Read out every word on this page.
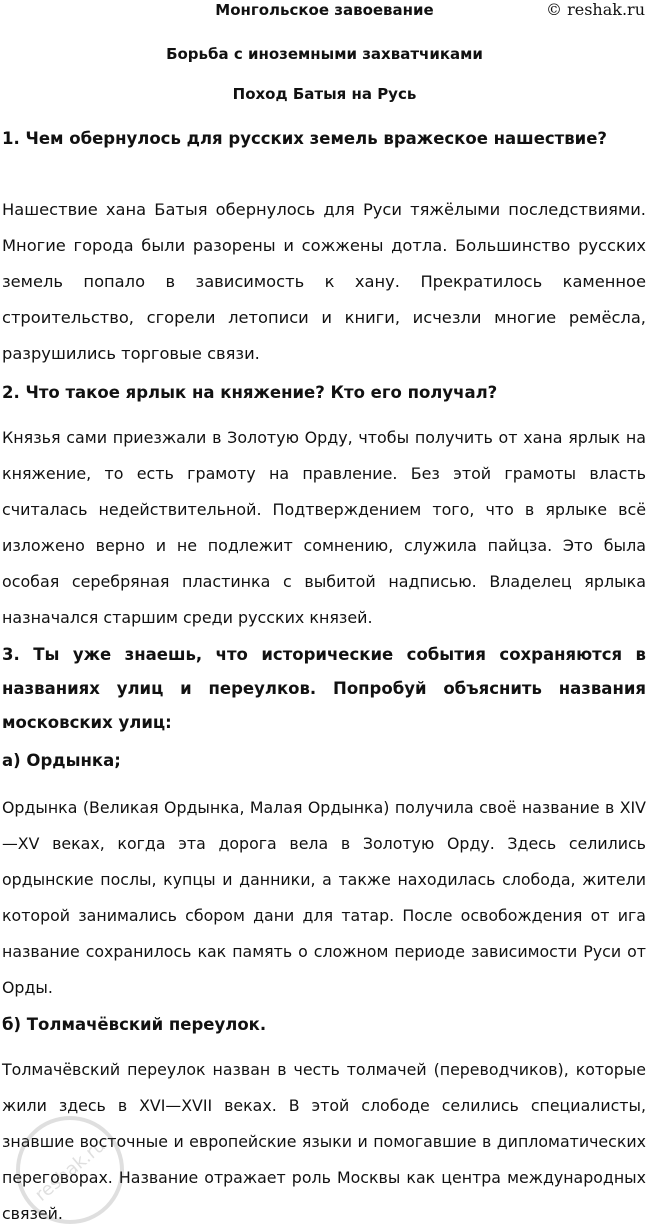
© reshak.ru
Монгольское завоевание
Борьба с иноземными захватчиками
Поход Батыя на Русь
1. Чем обернулось для русских земель вражеское нашествие?
Нашествие хана Батыя обернулось для Руси тяжёлыми последствиями. Многие города были разорены и сожжены дотла. Большинство русских земель попало в зависимость к хану. Прекратилось каменное строительство, сгорели летописи и книги, исчезли многие ремёсла, разрушились торговые связи.
2. Что такое ярлык на княжение? Кто его получал?
Князья сами приезжали в Золотую Орду, чтобы получить от хана ярлык на княжение, то есть грамоту на правление. Без этой грамоты власть считалась недействительной. Подтверждением того, что в ярлыке всё изложено верно и не подлежит сомнению, служила пайцза. Это была особая серебряная пластинка с выбитой надписью. Владелец ярлыка назначался старшим среди русских князей.
3. Ты уже знаешь, что исторические события сохраняются в названиях улиц и переулков. Попробуй объяснить названия московских улиц:
а) Ордынка;
Ордынка (Великая Ордынка, Малая Ордынка) получила своё название в XIV—XV веках, когда эта дорога вела в Золотую Орду. Здесь селились ордынские послы, купцы и данники, а также находилась слобода, жители которой занимались сбором дани для татар. После освобождения от ига название сохранилось как память о сложном периоде зависимости Руси от Орды.
б) Толмачёвский переулок.
Толмачёвский переулок назван в честь толмачей (переводчиков), которые жили здесь в XVI—XVII веках. В этой слободе селились специалисты, знавшие восточные и европейские языки и помогавшие в дипломатических переговорах. Название отражает роль Москвы как центра международных связей.
reshak.ru
